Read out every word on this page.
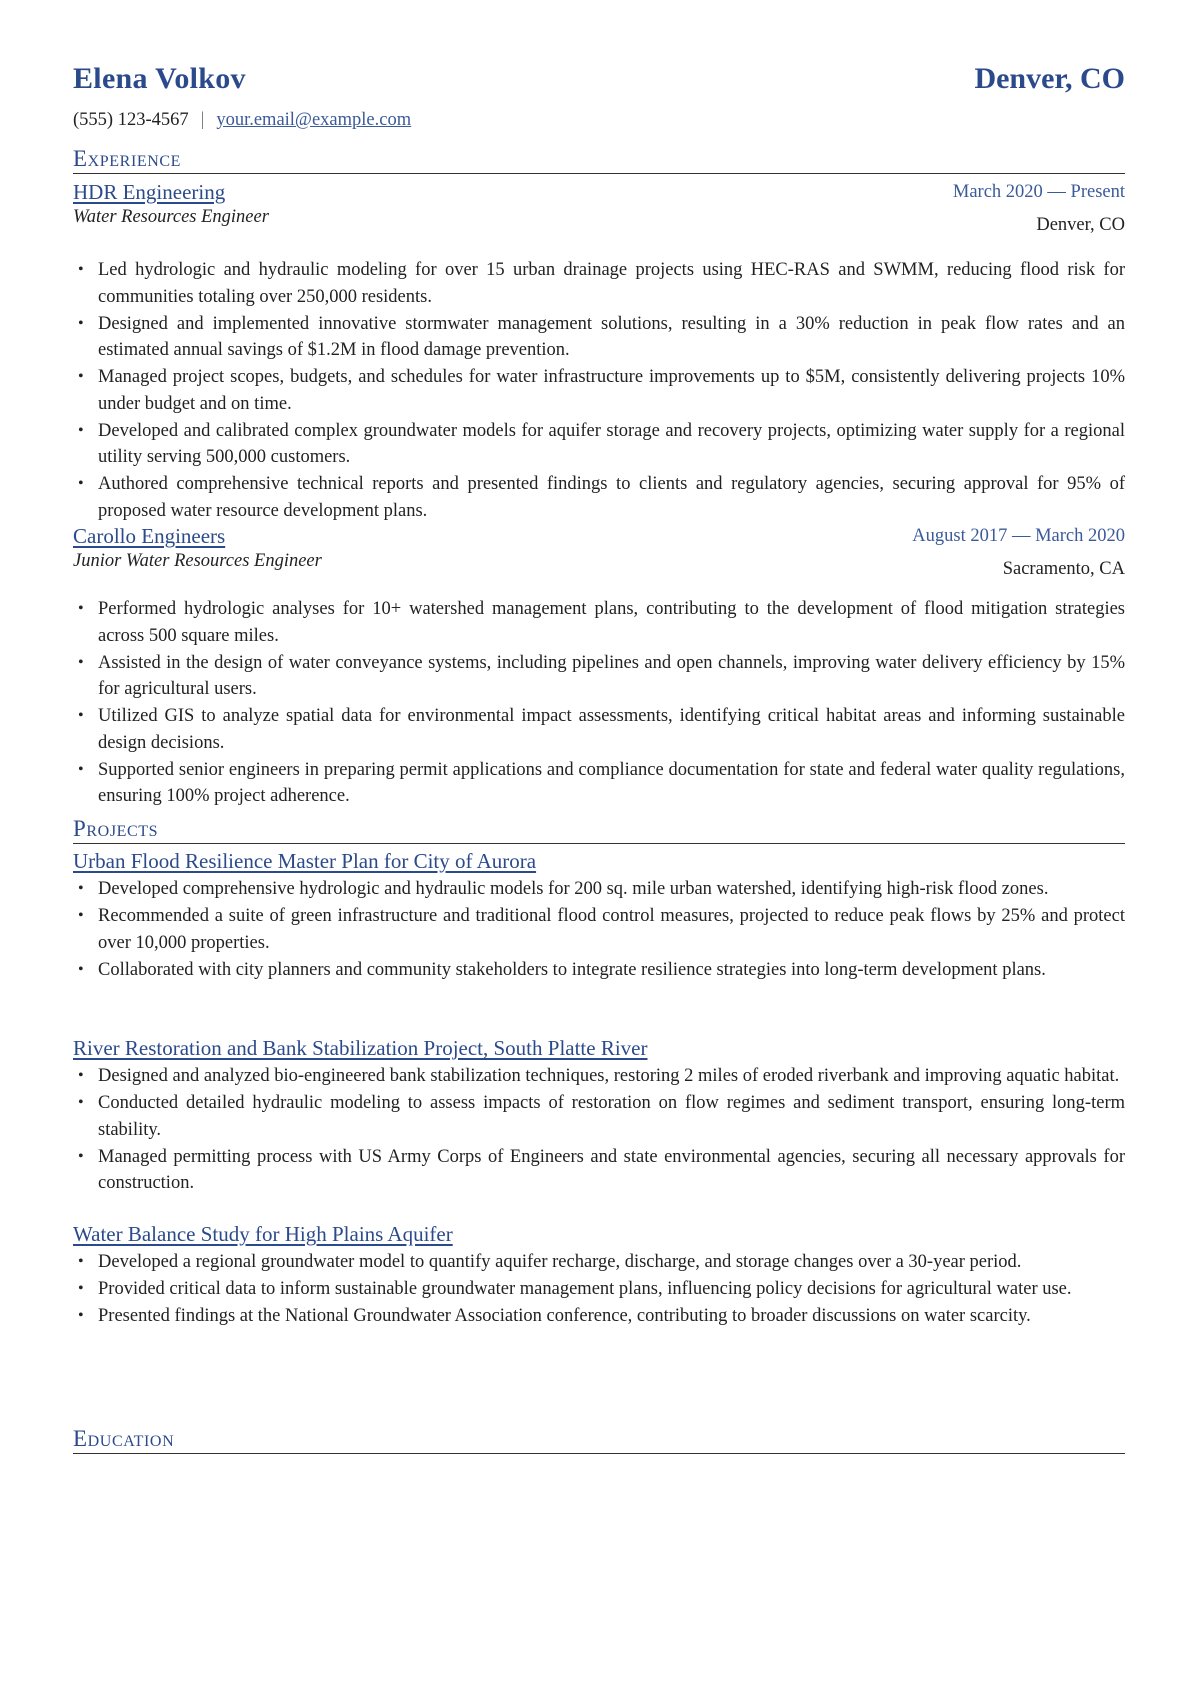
Elena Volkov	Denver, CO
(555) 123-4567 | your.email@example.com
Experience
HDR Engineering	March 2020 — Present
Water Resources Engineer	Denver, CO
• Led hydrologic and hydraulic modeling for over 15 urban drainage projects using HEC-RAS and SWMM, reducing flood risk for communities totaling over 250,000 residents.
• Designed and implemented innovative stormwater management solutions, resulting in a 30% reduction in peak flow rates and an estimated annual savings of $1.2M in flood damage prevention.
• Managed project scopes, budgets, and schedules for water infrastructure improvements up to $5M, consistently delivering projects 10% under budget and on time.
• Developed and calibrated complex groundwater models for aquifer storage and recovery projects, optimizing water supply for a regional utility serving 500,000 customers.
• Authored comprehensive technical reports and presented findings to clients and regulatory agencies, securing approval for 95% of proposed water resource development plans.
Carollo Engineers	August 2017 — March 2020
Junior Water Resources Engineer	Sacramento, CA
• Performed hydrologic analyses for 10+ watershed management plans, contributing to the development of flood mitigation strategies across 500 square miles.
• Assisted in the design of water conveyance systems, including pipelines and open channels, improving water delivery efficiency by 15% for agricultural users.
• Utilized GIS to analyze spatial data for environmental impact assessments, identifying critical habitat areas and informing sustainable design decisions.
• Supported senior engineers in preparing permit applications and compliance documentation for state and federal water quality regulations, ensuring 100% project adherence.
Projects
Urban Flood Resilience Master Plan for City of Aurora
• Developed comprehensive hydrologic and hydraulic models for 200 sq. mile urban watershed, identifying high-risk flood zones.
• Recommended a suite of green infrastructure and traditional flood control measures, projected to reduce peak flows by 25% and protect over 10,000 properties.
• Collaborated with city planners and community stakeholders to integrate resilience strategies into long-term development plans.
River Restoration and Bank Stabilization Project, South Platte River
• Designed and analyzed bio-engineered bank stabilization techniques, restoring 2 miles of eroded riverbank and improving aquatic habitat.
• Conducted detailed hydraulic modeling to assess impacts of restoration on flow regimes and sediment transport, ensuring long-term stability.
• Managed permitting process with US Army Corps of Engineers and state environmental agencies, securing all necessary approvals for construction.
Water Balance Study for High Plains Aquifer
• Developed a regional groundwater model to quantify aquifer recharge, discharge, and storage changes over a 30-year period.
• Provided critical data to inform sustainable groundwater management plans, influencing policy decisions for agricultural water use.
• Presented findings at the National Groundwater Association conference, contributing to broader discussions on water scarcity.
Education
